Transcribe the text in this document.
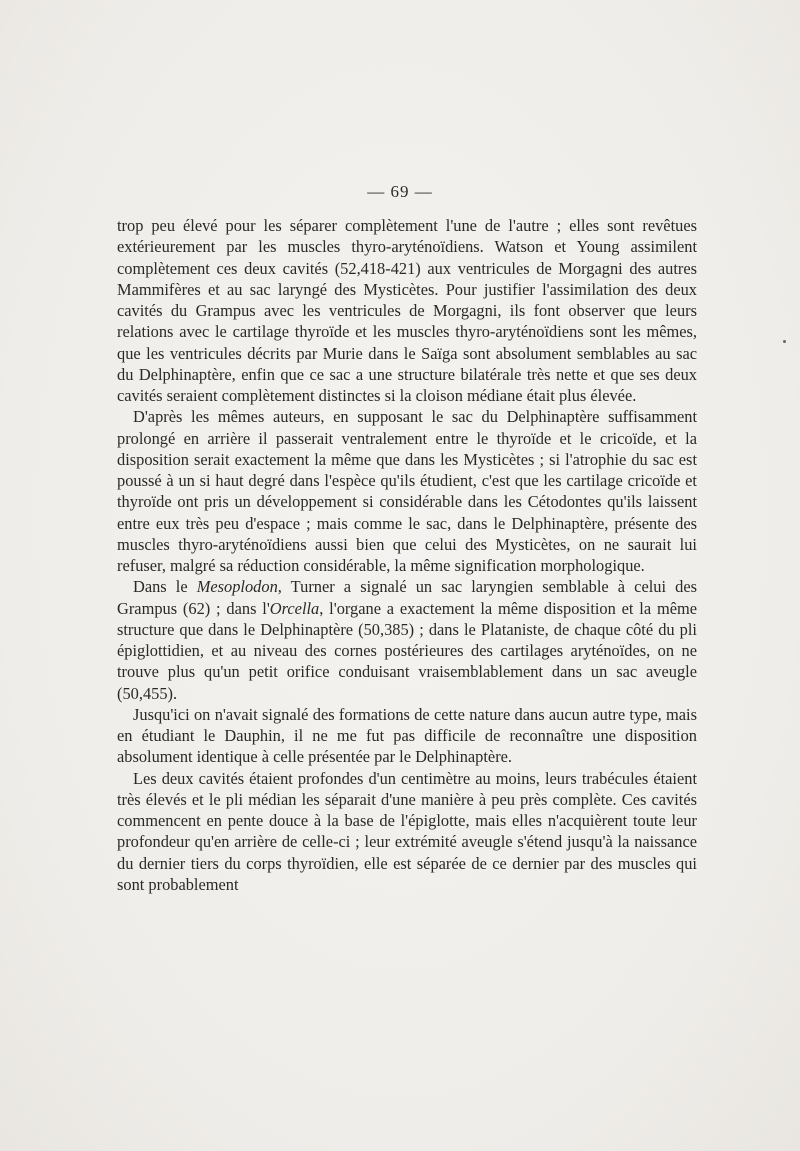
— 69 —

trop peu élevé pour les séparer complètement l'une de l'autre ; elles sont revêtues extérieurement par les muscles thyro-aryténoïdiens. Watson et Young assimilent complètement ces deux cavités (52,418-421) aux ventricules de Morgagni des autres Mammifères et au sac laryngé des Mysticètes. Pour justifier l'assimilation des deux cavités du Grampus avec les ventricules de Morgagni, ils font observer que leurs relations avec le cartilage thyroïde et les muscles thyro-aryténoïdiens sont les mêmes, que les ventricules décrits par Murie dans le Saïga sont absolument semblables au sac du Delphinaptère, enfin que ce sac a une structure bilatérale très nette et que ses deux cavités seraient complètement distinctes si la cloison médiane était plus élevée.

D'après les mêmes auteurs, en supposant le sac du Delphinaptère suffisamment prolongé en arrière il passerait ventralement entre le thyroïde et le cricoïde, et la disposition serait exactement la même que dans les Mysticètes ; si l'atrophie du sac est poussé à un si haut degré dans l'espèce qu'ils étudient, c'est que les cartilage cricoïde et thyroïde ont pris un développement si considérable dans les Cétodontes qu'ils laissent entre eux très peu d'espace ; mais comme le sac, dans le Delphinaptère, présente des muscles thyro-aryténoïdiens aussi bien que celui des Mysticètes, on ne saurait lui refuser, malgré sa réduction considérable, la même signification morphologique.

Dans le Mesoplodon, Turner a signalé un sac laryngien semblable à celui des Grampus (62) ; dans l'Orcella, l'organe a exactement la même disposition et la même structure que dans le Delphinaptère (50,385) ; dans le Plataniste, de chaque côté du pli épiglottidien, et au niveau des cornes postérieures des cartilages aryténoïdes, on ne trouve plus qu'un petit orifice conduisant vraisemblablement dans un sac aveugle (50,455).

Jusqu'ici on n'avait signalé des formations de cette nature dans aucun autre type, mais en étudiant le Dauphin, il ne me fut pas difficile de reconnaître une disposition absolument identique à celle présentée par le Delphinaptère.

Les deux cavités étaient profondes d'un centimètre au moins, leurs trabécules étaient très élevés et le pli médian les séparait d'une manière à peu près complète. Ces cavités commencent en pente douce à la base de l'épiglotte, mais elles n'acquièrent toute leur profondeur qu'en arrière de celle-ci ; leur extrémité aveugle s'étend jusqu'à la naissance du dernier tiers du corps thyroïdien, elle est séparée de ce dernier par des muscles qui sont probablement
